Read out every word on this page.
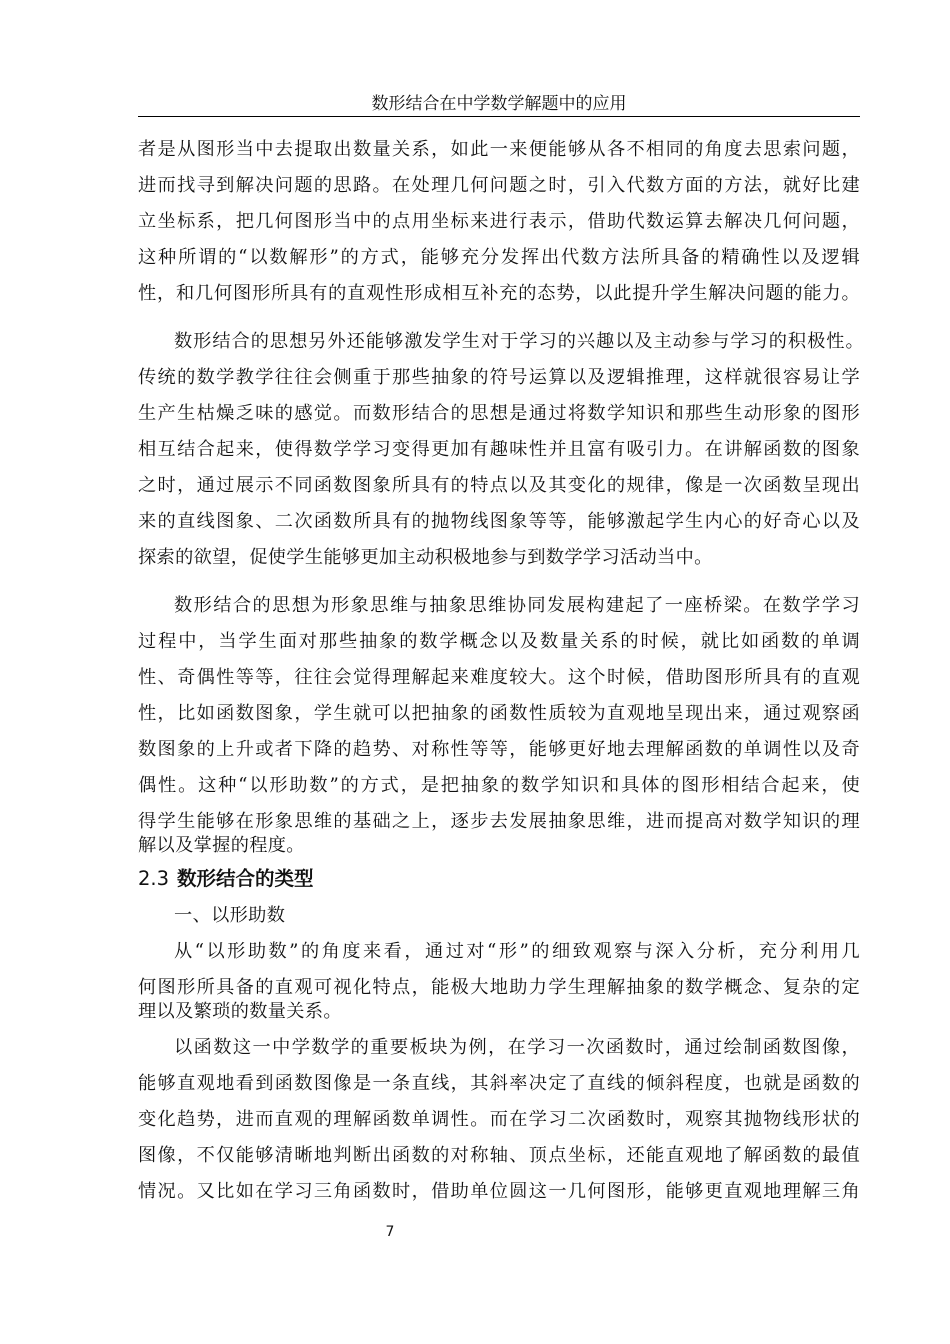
数形结合在中学数学解题中的应用
者是从图形当中去提取出数量关系，如此一来便能够从各不相同的角度去思索问题，
进而找寻到解决问题的思路。在处理几何问题之时，引入代数方面的方法，就好比建
立坐标系，把几何图形当中的点用坐标来进行表示，借助代数运算去解决几何问题，
这种所谓的“以数解形”的方式，能够充分发挥出代数方法所具备的精确性以及逻辑
性，和几何图形所具有的直观性形成相互补充的态势，以此提升学生解决问题的能力。
数形结合的思想另外还能够激发学生对于学习的兴趣以及主动参与学习的积极性。
传统的数学教学往往会侧重于那些抽象的符号运算以及逻辑推理，这样就很容易让学
生产生枯燥乏味的感觉。而数形结合的思想是通过将数学知识和那些生动形象的图形
相互结合起来，使得数学学习变得更加有趣味性并且富有吸引力。在讲解函数的图象
之时，通过展示不同函数图象所具有的特点以及其变化的规律，像是一次函数呈现出
来的直线图象、二次函数所具有的抛物线图象等等，能够激起学生内心的好奇心以及
探索的欲望，促使学生能够更加主动积极地参与到数学学习活动当中。
数形结合的思想为形象思维与抽象思维协同发展构建起了一座桥梁。在数学学习
过程中，当学生面对那些抽象的数学概念以及数量关系的时候，就比如函数的单调
性、奇偶性等等，往往会觉得理解起来难度较大。这个时候，借助图形所具有的直观
性，比如函数图象，学生就可以把抽象的函数性质较为直观地呈现出来，通过观察函
数图象的上升或者下降的趋势、对称性等等，能够更好地去理解函数的单调性以及奇
偶性。这种“以形助数”的方式，是把抽象的数学知识和具体的图形相结合起来，使
得学生能够在形象思维的基础之上，逐步去发展抽象思维，进而提高对数学知识的理
解以及掌握的程度。
2.3 数形结合的类型
一、以形助数
从“以形助数”的角度来看，通过对“形”的细致观察与深入分析，充分利用几
何图形所具备的直观可视化特点，能极大地助力学生理解抽象的数学概念、复杂的定
理以及繁琐的数量关系。
以函数这一中学数学的重要板块为例，在学习一次函数时，通过绘制函数图像，
能够直观地看到函数图像是一条直线，其斜率决定了直线的倾斜程度，也就是函数的
变化趋势，进而直观的理解函数单调性。而在学习二次函数时，观察其抛物线形状的
图像，不仅能够清晰地判断出函数的对称轴、顶点坐标，还能直观地了解函数的最值
情况。又比如在学习三角函数时，借助单位圆这一几何图形，能够更直观地理解三角
7
